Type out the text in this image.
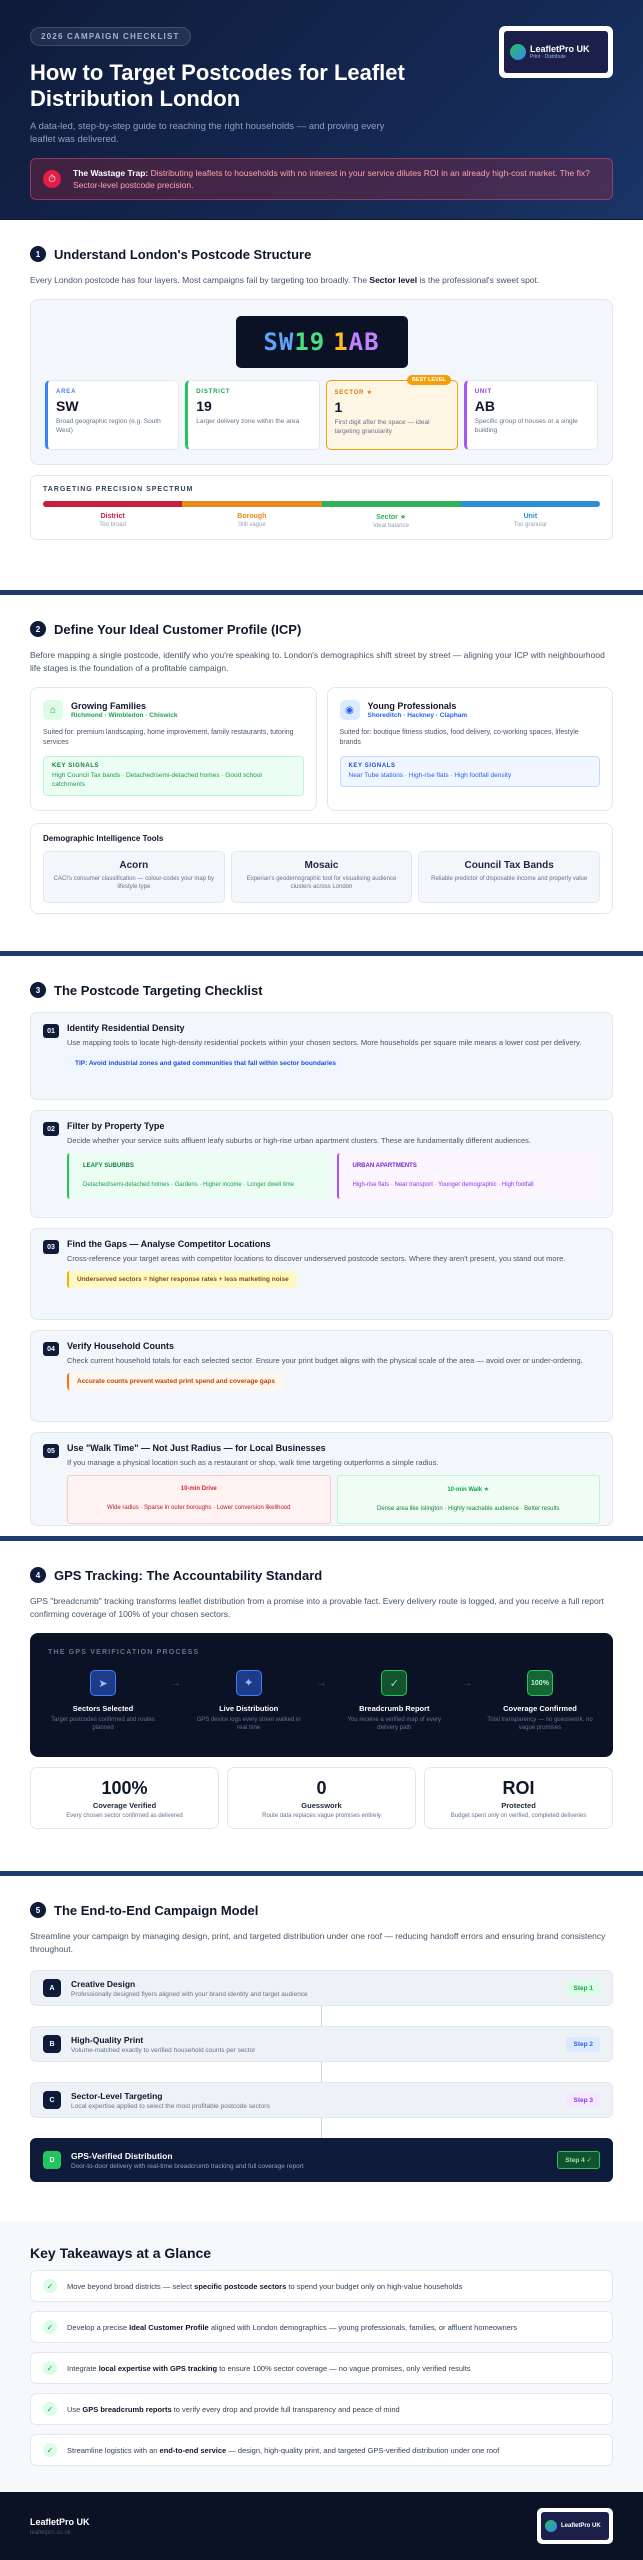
2026 CAMPAIGN CHECKLIST
How to Target Postcodes for Leaflet Distribution London
A data-led, step-by-step guide to reaching the right households — and proving every leaflet was delivered.
LeafletPro UK
Print · Distribute
⏱
The Wastage Trap: Distributing leaflets to households with no interest in your service dilutes ROI in an already high-cost market. The fix? Sector-level postcode precision.
1	Understand London's Postcode Structure
Every London postcode has four layers. Most campaigns fail by targeting too broadly. The Sector level is the professional's sweet spot.
SW 19 1 AB
AREA
SW
Broad geographic region (e.g. South West)
DISTRICT
19
Larger delivery zone within the area
BEST LEVEL
SECTOR ★
1
First digit after the space — ideal targeting granularity
UNIT
AB
Specific group of houses or a single building
TARGETING PRECISION SPECTRUM
District
Too broad
Borough
Still vague
Sector ★
Ideal balance
Unit
Too granular
2	Define Your Ideal Customer Profile (ICP)
Before mapping a single postcode, identify who you're speaking to. London's demographics shift street by street — aligning your ICP with neighbourhood life stages is the foundation of a profitable campaign.
⌂	Growing Families
Richmond · Wimbledon · Chiswick
Suited for: premium landscaping, home improvement, family restaurants, tutoring services
KEY SIGNALS
High Council Tax bands · Detached/semi-detached homes · Good school catchments
◉	Young Professionals
Shoreditch · Hackney · Clapham
Suited for: boutique fitness studios, food delivery, co-working spaces, lifestyle brands
KEY SIGNALS
Near Tube stations · High-rise flats · High footfall density
Demographic Intelligence Tools
Acorn
CACI's consumer classification — colour-codes your map by lifestyle type
Mosaic
Experian's geodemographic tool for visualising audience clusters across London
Council Tax Bands
Reliable predictor of disposable income and property value
3	The Postcode Targeting Checklist
01	Identify Residential Density
Use mapping tools to locate high-density residential pockets within your chosen sectors. More households per square mile means a lower cost per delivery.
TIP: Avoid industrial zones and gated communities that fall within sector boundaries
02	Filter by Property Type
Decide whether your service suits affluent leafy suburbs or high-rise urban apartment clusters. These are fundamentally different audiences.
LEAFY SUBURBS
Detached/semi-detached homes · Gardens · Higher income · Longer dwell time
URBAN APARTMENTS
High-rise flats · Near transport · Younger demographic · High footfall
03	Find the Gaps — Analyse Competitor Locations
Cross-reference your target areas with competitor locations to discover underserved postcode sectors. Where they aren't present, you stand out more.
Underserved sectors = higher response rates + less marketing noise
04	Verify Household Counts
Check current household totals for each selected sector. Ensure your print budget aligns with the physical scale of the area — avoid over or under-ordering.
Accurate counts prevent wasted print spend and coverage gaps
05	Use "Walk Time" — Not Just Radius — for Local Businesses
If you manage a physical location such as a restaurant or shop, walk time targeting outperforms a simple radius.
10-min Drive
Wide radius · Sparse in outer boroughs · Lower conversion likelihood
10-min Walk ★
Dense area like Islington · Highly reachable audience · Better results
4	GPS Tracking: The Accountability Standard
GPS "breadcrumb" tracking transforms leaflet distribution from a promise into a provable fact. Every delivery route is logged, and you receive a full report confirming coverage of 100% of your chosen sectors.
THE GPS VERIFICATION PROCESS
➤
Sectors Selected
Target postcodes confirmed and routes planned
→	⌖
Live Distribution
GPS device logs every street walked in real time
→	✓
Breadcrumb Report
You receive a verified map of every delivery path
→	100%
Coverage Confirmed
Total transparency — no guesswork, no vague promises
100%
Coverage Verified
Every chosen sector confirmed as delivered
0
Guesswork
Route data replaces vague promises entirely
ROI
Protected
Budget spent only on verified, completed deliveries
5	The End-to-End Campaign Model
Streamline your campaign by managing design, print, and targeted distribution under one roof — reducing handoff errors and ensuring brand consistency throughout.
A	Creative Design
Professionally designed flyers aligned with your brand identity and target audience
Step 1
B	High-Quality Print
Volume-matched exactly to verified household counts per sector
Step 2
C	Sector-Level Targeting
Local expertise applied to select the most profitable postcode sectors
Step 3
D	GPS-Verified Distribution
Door-to-door delivery with real-time breadcrumb tracking and full coverage report
Step 4 ✓
Key Takeaways at a Glance
✓	Move beyond broad districts — select specific postcode sectors to spend your budget only on high-value households
✓	Develop a precise Ideal Customer Profile aligned with London demographics — young professionals, families, or affluent homeowners
✓	Integrate local expertise with GPS tracking to ensure 100% sector coverage — no vague promises, only verified results
✓	Use GPS breadcrumb reports to verify every drop and provide full transparency and peace of mind
✓	Streamline logistics with an end-to-end service — design, high-quality print, and targeted GPS-verified distribution under one roof
LeafletPro UK
leafletpro.co.uk
LeafletPro UK
